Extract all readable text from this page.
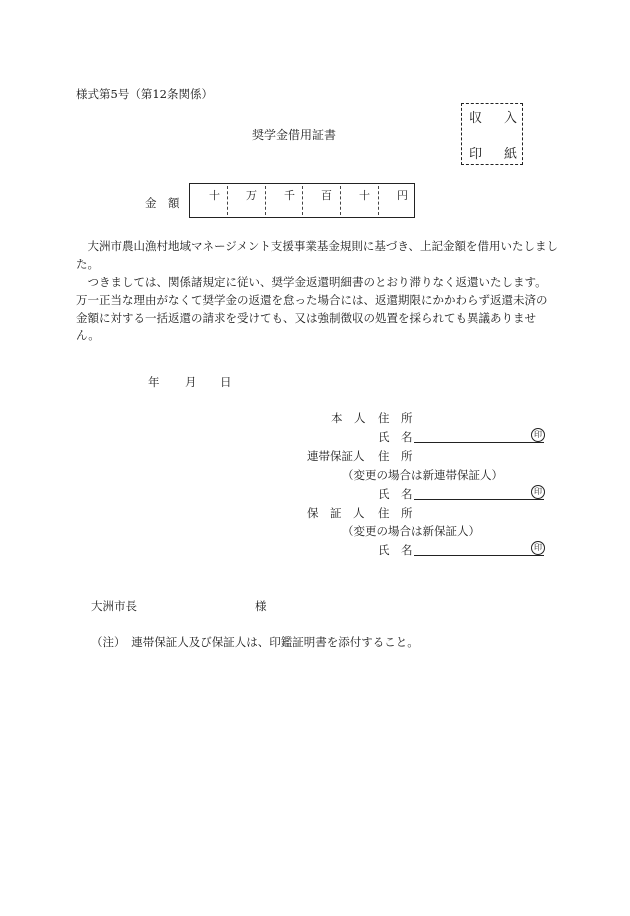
様式第5号（第12条関係）
収 入
印 紙
奨学金借用証書
金　額
十 万 千 百 十 円
　大洲市農山漁村地域マネージメント支援事業基金規則に基づき、上記金額を借用いたしました。
　つきましては、関係諸規定に従い、奨学金返還明細書のとおり滞りなく返還いたします。
万一正当な理由がなくて奨学金の返還を怠った場合には、返還期限にかかわらず返還未済の金額に対する一括返還の請求を受けても、又は強制徴収の処置を採られても異議ありません。
年 月 日
本　人 住　所
氏　名	印
連帯保証人 住　所
（変更の場合は新連帯保証人）
氏　名	印
保　証　人 住　所
（変更の場合は新保証人）
氏　名	印
大洲市長	様
（注）　連帯保証人及び保証人は、印鑑証明書を添付すること。
